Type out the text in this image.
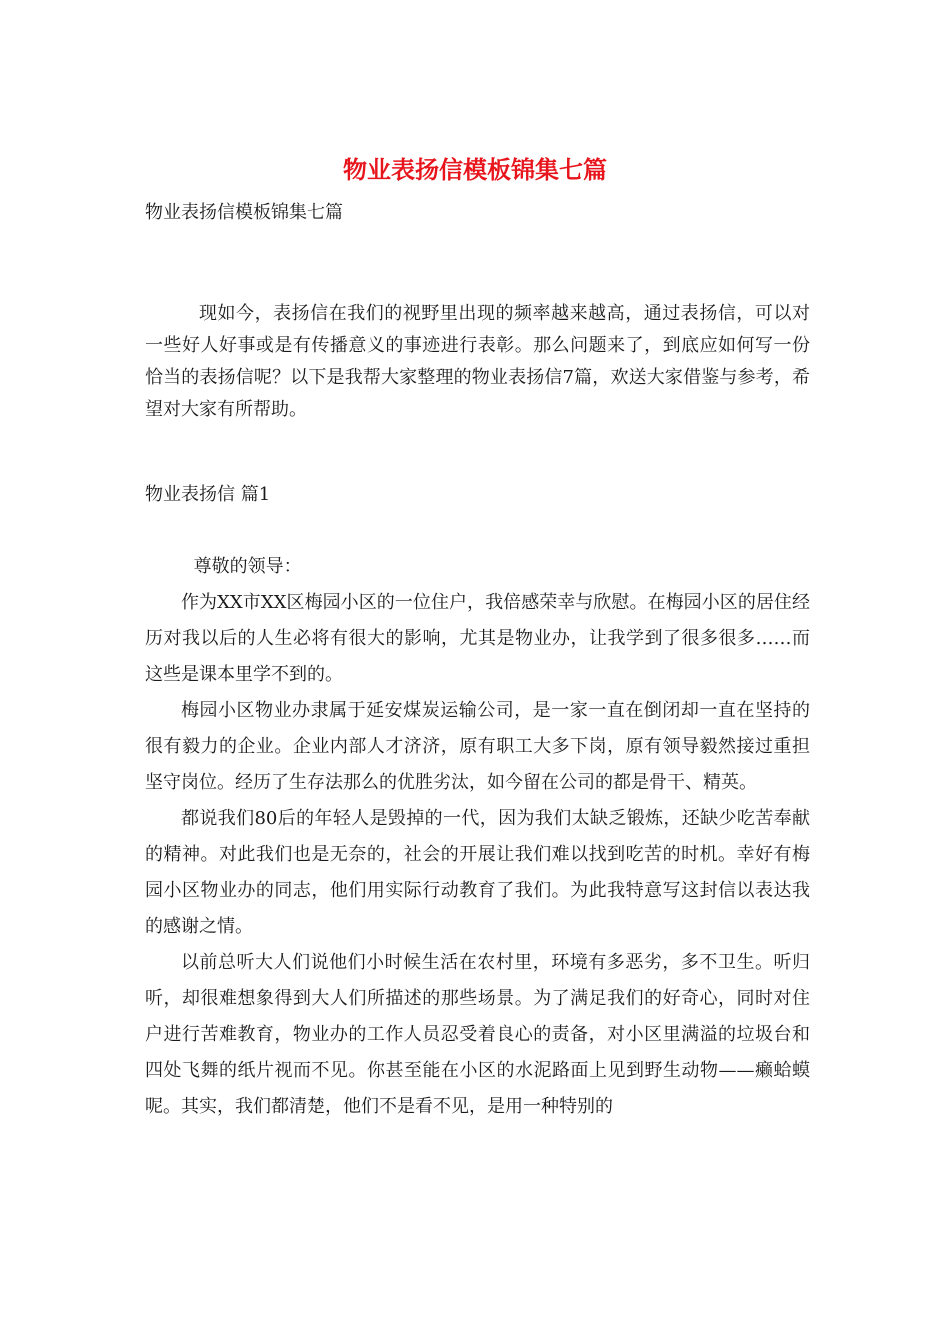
物业表扬信模板锦集七篇
物业表扬信模板锦集七篇

现如今，表扬信在我们的视野里出现的频率越来越高，通过表扬信，可以对一些好人好事或是有传播意义的事迹进行表彰。那么问题来了，到底应如何写一份恰当的表扬信呢？以下是我帮大家整理的物业表扬信7篇，欢送大家借鉴与参考，希望对大家有所帮助。

物业表扬信 篇1

尊敬的领导：

作为XX市XX区梅园小区的一位住户，我倍感荣幸与欣慰。在梅园小区的居住经历对我以后的人生必将有很大的影响，尤其是物业办，让我学到了很多很多……而这些是课本里学不到的。

梅园小区物业办隶属于延安煤炭运输公司，是一家一直在倒闭却一直在坚持的很有毅力的企业。企业内部人才济济，原有职工大多下岗，原有领导毅然接过重担坚守岗位。经历了生存法那么的优胜劣汰，如今留在公司的都是骨干、精英。

都说我们80后的年轻人是毁掉的一代，因为我们太缺乏锻炼，还缺少吃苦奉献的精神。对此我们也是无奈的，社会的开展让我们难以找到吃苦的时机。幸好有梅园小区物业办的同志，他们用实际行动教育了我们。为此我特意写这封信以表达我的感谢之情。

以前总听大人们说他们小时候生活在农村里，环境有多恶劣，多不卫生。听归听，却很难想象得到大人们所描述的那些场景。为了满足我们的好奇心，同时对住户进行苦难教育，物业办的工作人员忍受着良心的责备，对小区里满溢的垃圾台和四处飞舞的纸片视而不见。你甚至能在小区的水泥路面上见到野生动物——癞蛤蟆呢。其实，我们都清楚，他们不是看不见，是用一种特别的
